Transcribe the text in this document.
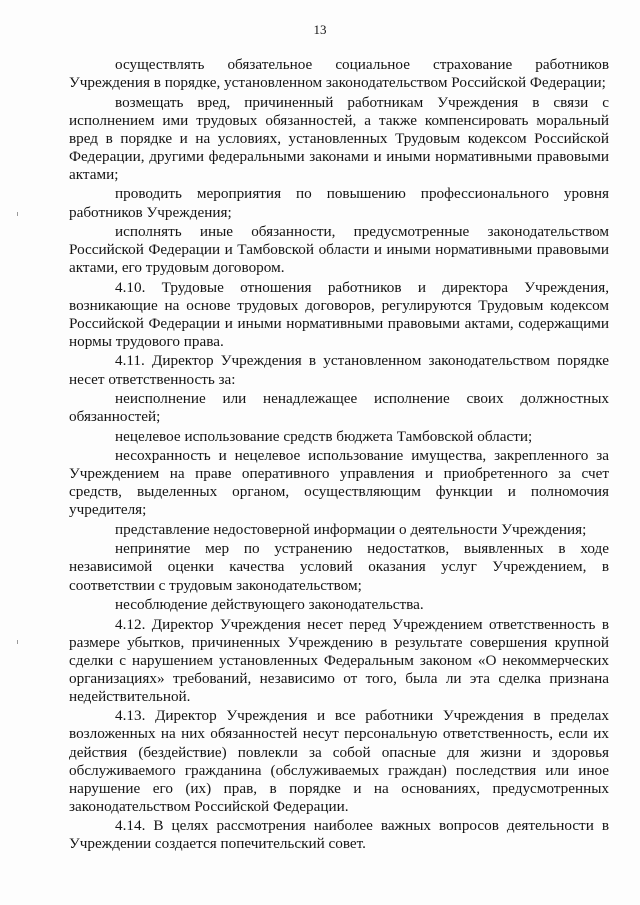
13

осуществлять обязательное социальное страхование работников Учреждения в порядке, установленном законодательством Российской Федерации;

возмещать вред, причиненный работникам Учреждения в связи с исполнением ими трудовых обязанностей, а также компенсировать моральный вред в порядке и на условиях, установленных Трудовым кодексом Российской Федерации, другими федеральными законами и иными нормативными правовыми актами;

проводить мероприятия по повышению профессионального уровня работников Учреждения;

исполнять иные обязанности, предусмотренные законодательством Российской Федерации и Тамбовской области и иными нормативными правовыми актами, его трудовым договором.

4.10. Трудовые отношения работников и директора Учреждения, возникающие на основе трудовых договоров, регулируются Трудовым кодексом Российской Федерации и иными нормативными правовыми актами, содержащими нормы трудового права.

4.11. Директор Учреждения в установленном законодательством порядке несет ответственность за:

неисполнение или ненадлежащее исполнение своих должностных обязанностей;

нецелевое использование средств бюджета Тамбовской области;

несохранность и нецелевое использование имущества, закрепленного за Учреждением на праве оперативного управления и приобретенного за счет средств, выделенных органом, осуществляющим функции и полномочия учредителя;

представление недостоверной информации о деятельности Учреждения;

непринятие мер по устранению недостатков, выявленных в ходе независимой оценки качества условий оказания услуг Учреждением, в соответствии с трудовым законодательством;

несоблюдение действующего законодательства.

4.12. Директор Учреждения несет перед Учреждением ответственность в размере убытков, причиненных Учреждению в результате совершения крупной сделки с нарушением установленных Федеральным законом «О некоммерческих организациях» требований, независимо от того, была ли эта сделка признана недействительной.

4.13. Директор Учреждения и все работники Учреждения в пределах возложенных на них обязанностей несут персональную ответственность, если их действия (бездействие) повлекли за собой опасные для жизни и здоровья обслуживаемого гражданина (обслуживаемых граждан) последствия или иное нарушение его (их) прав, в порядке и на основаниях, предусмотренных законодательством Российской Федерации.

4.14. В целях рассмотрения наиболее важных вопросов деятельности в Учреждении создается попечительский совет.
